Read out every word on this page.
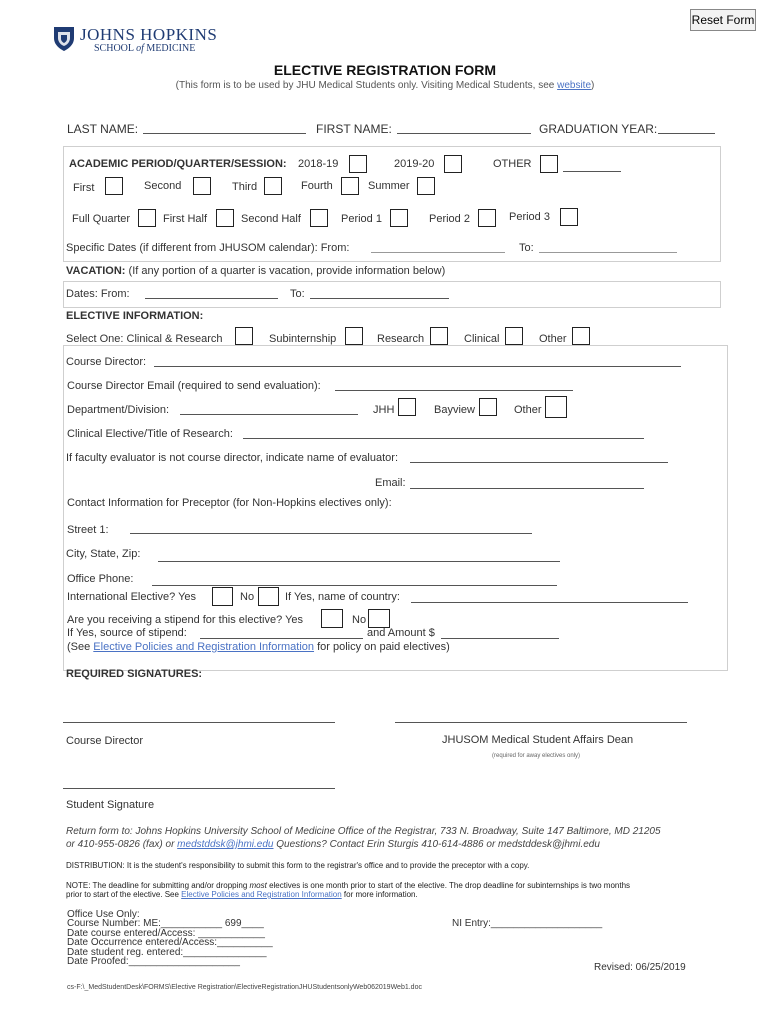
Reset Form
JOHNS HOPKINS
SCHOOL of MEDICINE
ELECTIVE REGISTRATION FORM
(This form is to be used by JHU Medical Students only. Visiting Medical Students, see website)
LAST NAME:	FIRST NAME:	GRADUATION YEAR:
ACADEMIC PERIOD/QUARTER/SESSION: 2018-19	2019-20	OTHER
First	Second	Third	Fourth	Summer
Full Quarter	First Half	Second Half	Period 1	Period 2	Period 3
Specific Dates (if different from JHUSOM calendar): From:	To:
VACATION: (If any portion of a quarter is vacation, provide information below)
Dates: From:	To:
ELECTIVE INFORMATION:
Select One: Clinical & Research	Subinternship	Research	Clinical	Other
Course Director:
Course Director Email (required to send evaluation):
Department/Division:	JHH	Bayview	Other
Clinical Elective/Title of Research:
If faculty evaluator is not course director, indicate name of evaluator:
Email:
Contact Information for Preceptor (for Non-Hopkins electives only):
Street 1:
City, State, Zip:
Office Phone:
International Elective? Yes	No	If Yes, name of country:
Are you receiving a stipend for this elective? Yes	No
If Yes, source of stipend:	and Amount $
(See Elective Policies and Registration Information for policy on paid electives)
REQUIRED SIGNATURES:
Course Director	JHUSOM Medical Student Affairs Dean
(required for away electives only)
Student Signature
Return form to: Johns Hopkins University School of Medicine Office of the Registrar, 733 N. Broadway, Suite 147 Baltimore, MD 21205
or 410-955-0826 (fax) or medstddsk@jhmi.edu Questions? Contact Erin Sturgis 410-614-4886 or medstddesk@jhmi.edu
DISTRIBUTION: It is the student's responsibility to submit this form to the registrar's office and to provide the preceptor with a copy.
NOTE: The deadline for submitting and/or dropping most electives is one month prior to start of the elective. The drop deadline for subinternships is two months
prior to start of the elective. See Elective Policies and Registration Information for more information.
Office Use Only:
Course Number: ME:___________ 699____
Date course entered/Access: ____________
Date Occurrence entered/Access:__________
Date student reg. entered:_______________
Date Proofed:____________________
NI Entry:____________________
Revised: 06/25/2019
cs-F:\_MedStudentDesk\FORMS\Elective Registration\ElectiveRegistrationJHUStudentsonlyWeb062019Web1.doc
